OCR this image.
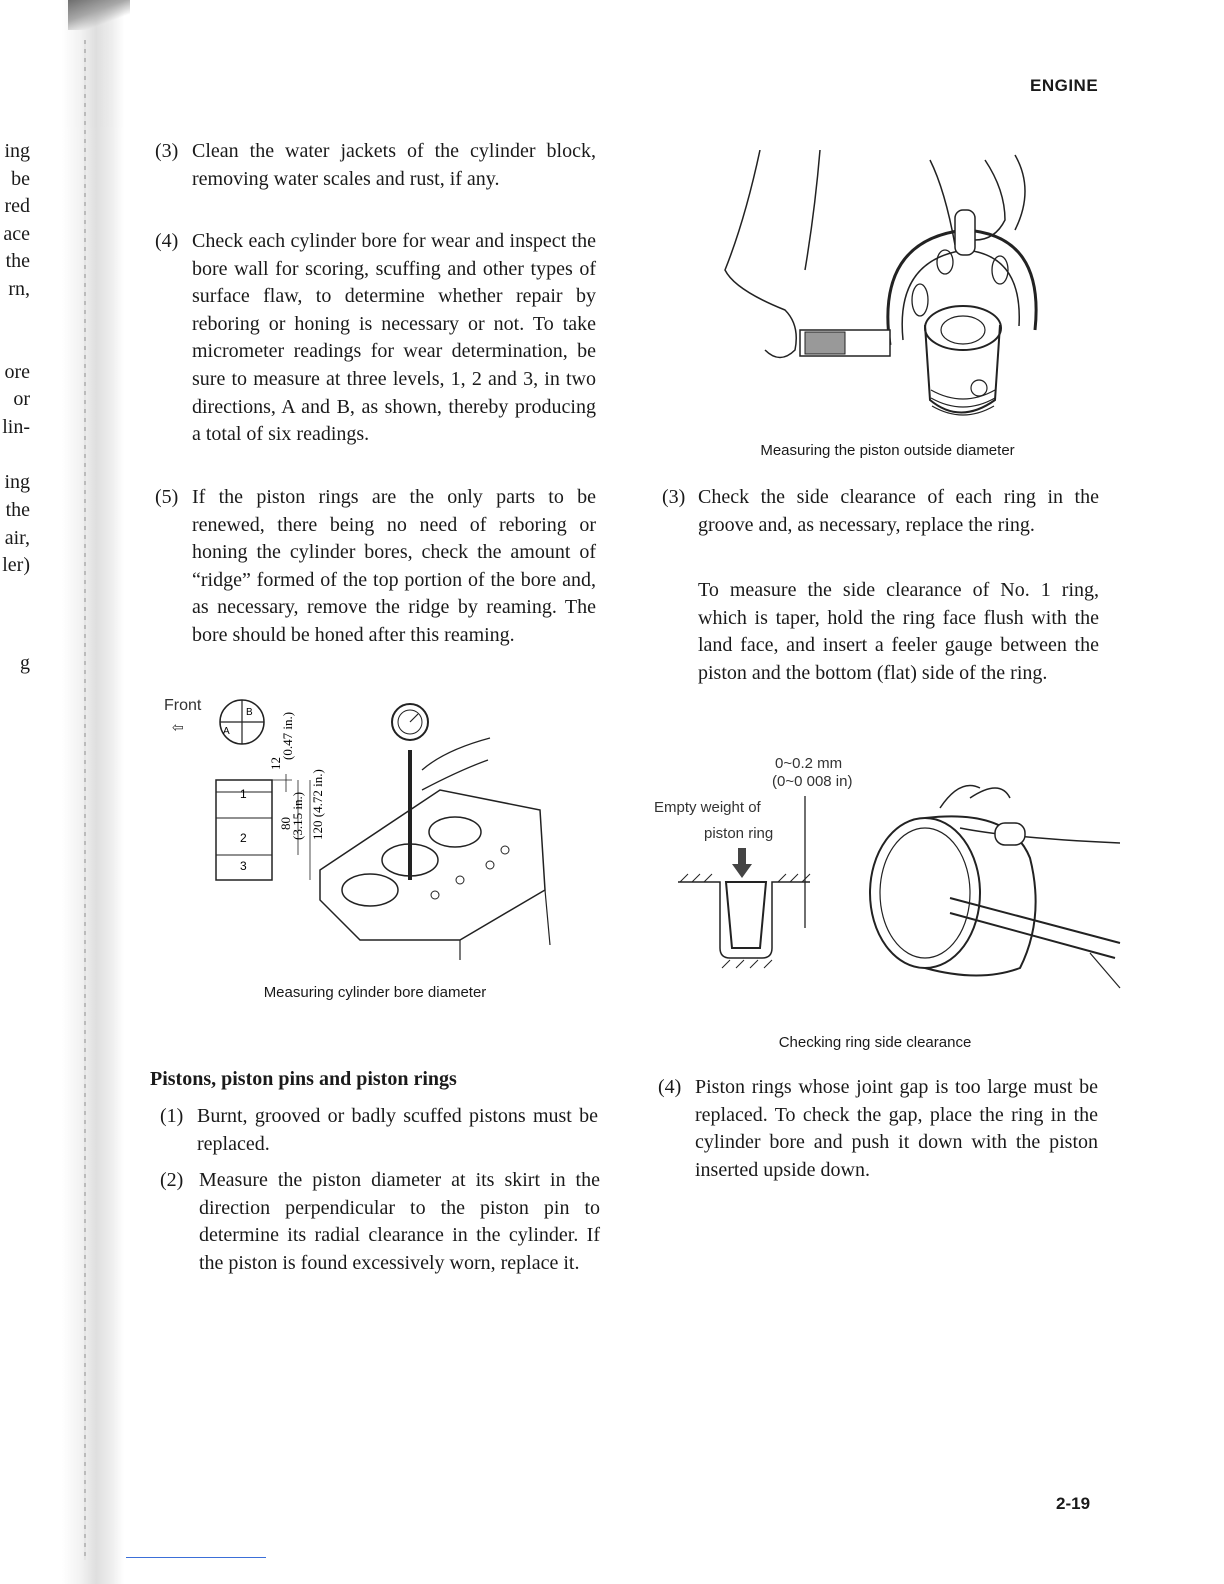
ing
be
red
ace
the
rn,
ore
or
lin-
ing
the
air,
ler)
g
ENGINE
(3) Clean the water jackets of the cylinder block, removing water scales and rust, if any.
(4) Check each cylinder bore for wear and inspect the bore wall for scoring, scuffing and other types of surface flaw, to determine whether repair by reboring or honing is necessary or not. To take micrometer readings for wear determination, be sure to measure at three levels, 1, 2 and 3, in two directions, A and B, as shown, thereby producing a total of six readings.
(5) If the piston rings are the only parts to be renewed, there being no need of reboring or honing the cylinder bores, check the amount of “ridge” formed of the top portion of the bore and, as necessary, remove the ridge by reaming. The bore should be honed after this reaming.
Front
⇦
B
A
1
2
3
12
(0.47 in.)
80
(3.15 in.) 120 (4.72 in.)
Measuring cylinder bore diameter
Pistons, piston pins and piston rings
(1) Burnt, grooved or badly scuffed pistons must be replaced.
(2) Measure the piston diameter at its skirt in the direction perpendicular to the piston pin to determine its radial clearance in the cylinder. If the piston is found excessively worn, replace it.
Measuring the piston outside diameter
(3) Check the side clearance of each ring in the groove and, as necessary, replace the ring.
To measure the side clearance of No. 1 ring, which is taper, hold the ring face flush with the land face, and insert a feeler gauge between the piston and the bottom (flat) side of the ring.
0~0.2 mm
(0~0 008 in)
Empty weight of
piston ring
Checking ring side clearance
(4) Piston rings whose joint gap is too large must be replaced. To check the gap, place the ring in the cylinder bore and push it down with the piston inserted upside down.
2-19
